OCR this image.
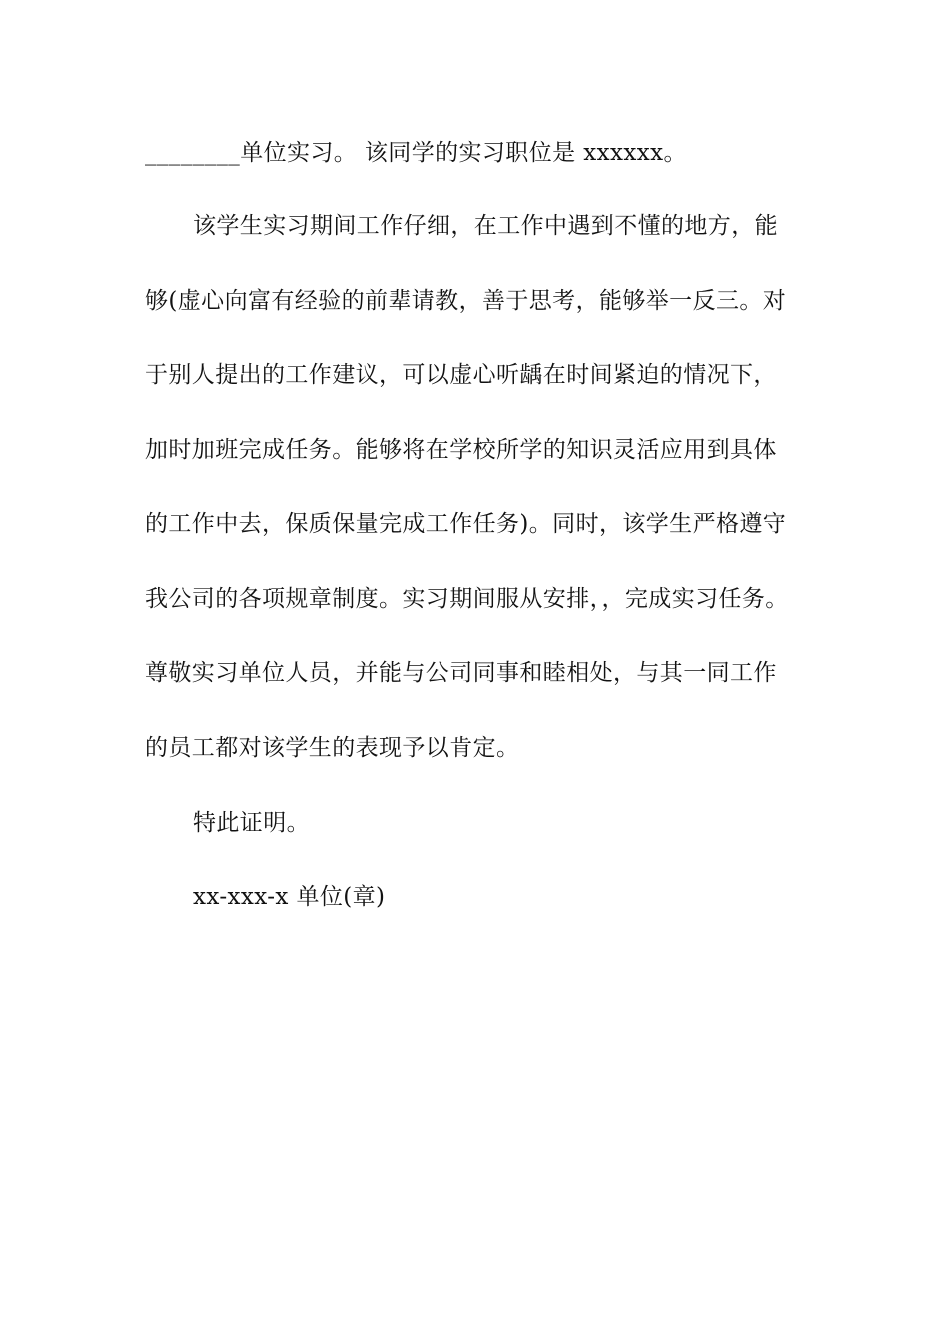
________单位实习。 该同学的实习职位是 xxxxxx。
该学生实习期间工作仔细，在工作中遇到不懂的地方，能
够(虚心向富有经验的前辈请教，善于思考，能够举一反三。对
于别人提出的工作建议，可以虚心听龋在时间紧迫的情况下，
加时加班完成任务。能够将在学校所学的知识灵活应用到具体
的工作中去，保质保量完成工作任务)。同时，该学生严格遵守
我公司的各项规章制度。实习期间服从安排，，完成实习任务。
尊敬实习单位人员，并能与公司同事和睦相处，与其一同工作
的员工都对该学生的表现予以肯定。
特此证明。
xx-xxx-x 单位(章)
